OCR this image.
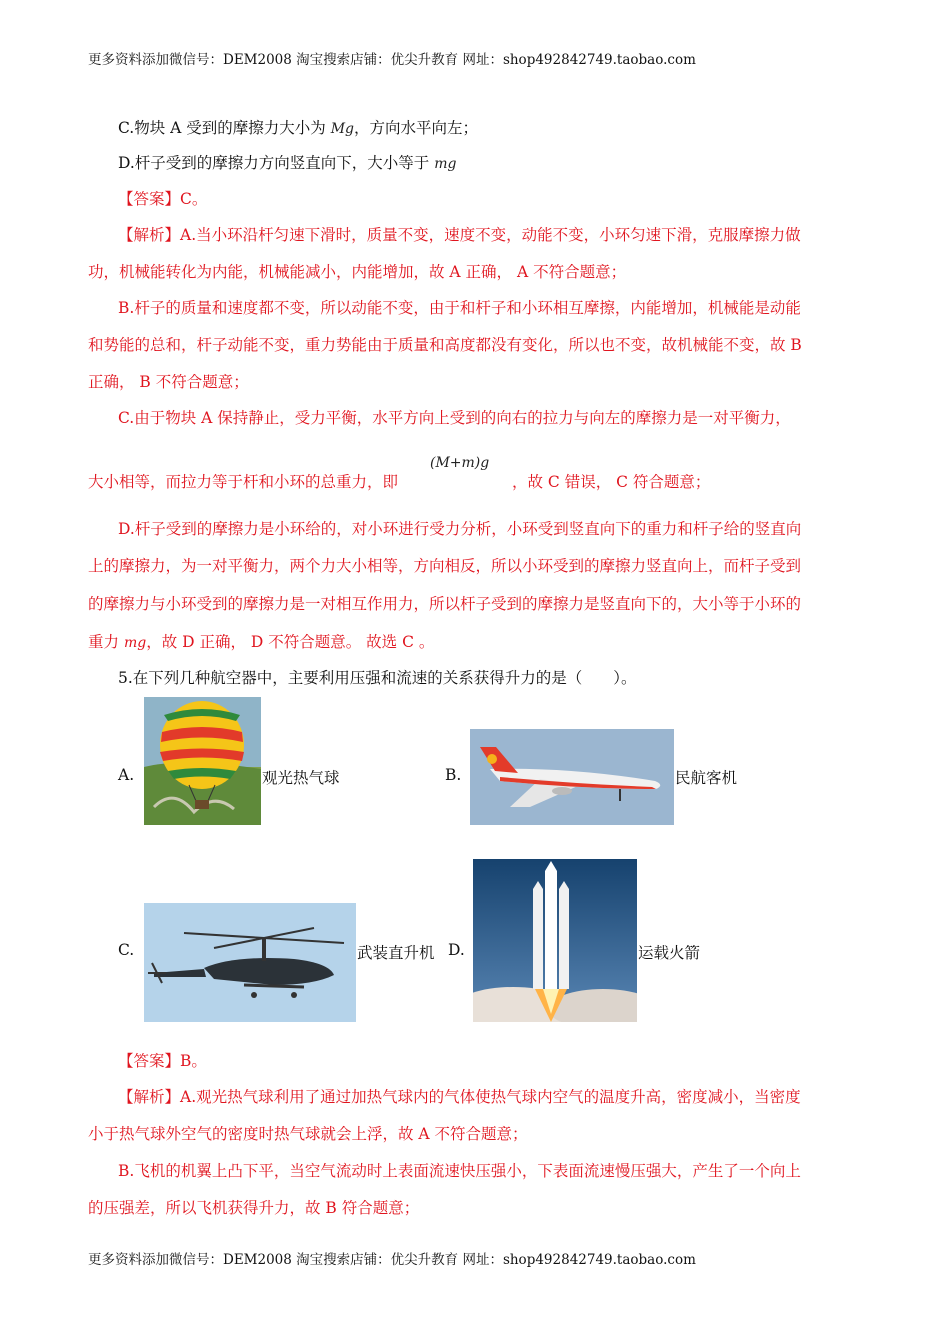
更多资料添加微信号：DEM2008 淘宝搜索店铺：优尖升教育 网址：shop492842749.taobao.com
C.物块 A 受到的摩擦力大小为 Mg，方向水平向左；
D.杆子受到的摩擦力方向竖直向下，大小等于 mg
【答案】C。
【解析】A.当小环沿杆匀速下滑时，质量不变，速度不变，动能不变，小环匀速下滑，克服摩擦力做
功，机械能转化为内能，机械能减小，内能增加，故 A 正确， A 不符合题意；
B.杆子的质量和速度都不变，所以动能不变，由于和杆子和小环相互摩擦，内能增加，机械能是动能
和势能的总和，杆子动能不变，重力势能由于质量和高度都没有变化，所以也不变，故机械能不变，故 B
正确， B 不符合题意；
C.由于物块 A 保持静止，受力平衡，水平方向上受到的向右的拉力与向左的摩擦力是一对平衡力，
大小相等，而拉力等于杆和小环的总重力，即
(M+m)g
，故 C 错误， C 符合题意；
D.杆子受到的摩擦力是小环给的，对小环进行受力分析，小环受到竖直向下的重力和杆子给的竖直向
上的摩擦力，为一对平衡力，两个力大小相等，方向相反，所以小环受到的摩擦力竖直向上，而杆子受到
的摩擦力与小环受到的摩擦力是一对相互作用力，所以杆子受到的摩擦力是竖直向下的，大小等于小环的
重力 mg，故 D 正确， D 不符合题意。 故选 C 。
5.在下列几种航空器中，主要利用压强和流速的关系获得升力的是（　　）。
A.	观光热气球	B.	民航客机
C.	武装直升机 D.	运载火箭
【答案】B。
【解析】A.观光热气球利用了通过加热气球内的气体使热气球内空气的温度升高，密度减小，当密度
小于热气球外空气的密度时热气球就会上浮，故 A 不符合题意；
B.飞机的机翼上凸下平，当空气流动时上表面流速快压强小，下表面流速慢压强大，产生了一个向上
的压强差，所以飞机获得升力，故 B 符合题意；
更多资料添加微信号：DEM2008 淘宝搜索店铺：优尖升教育 网址：shop492842749.taobao.com
